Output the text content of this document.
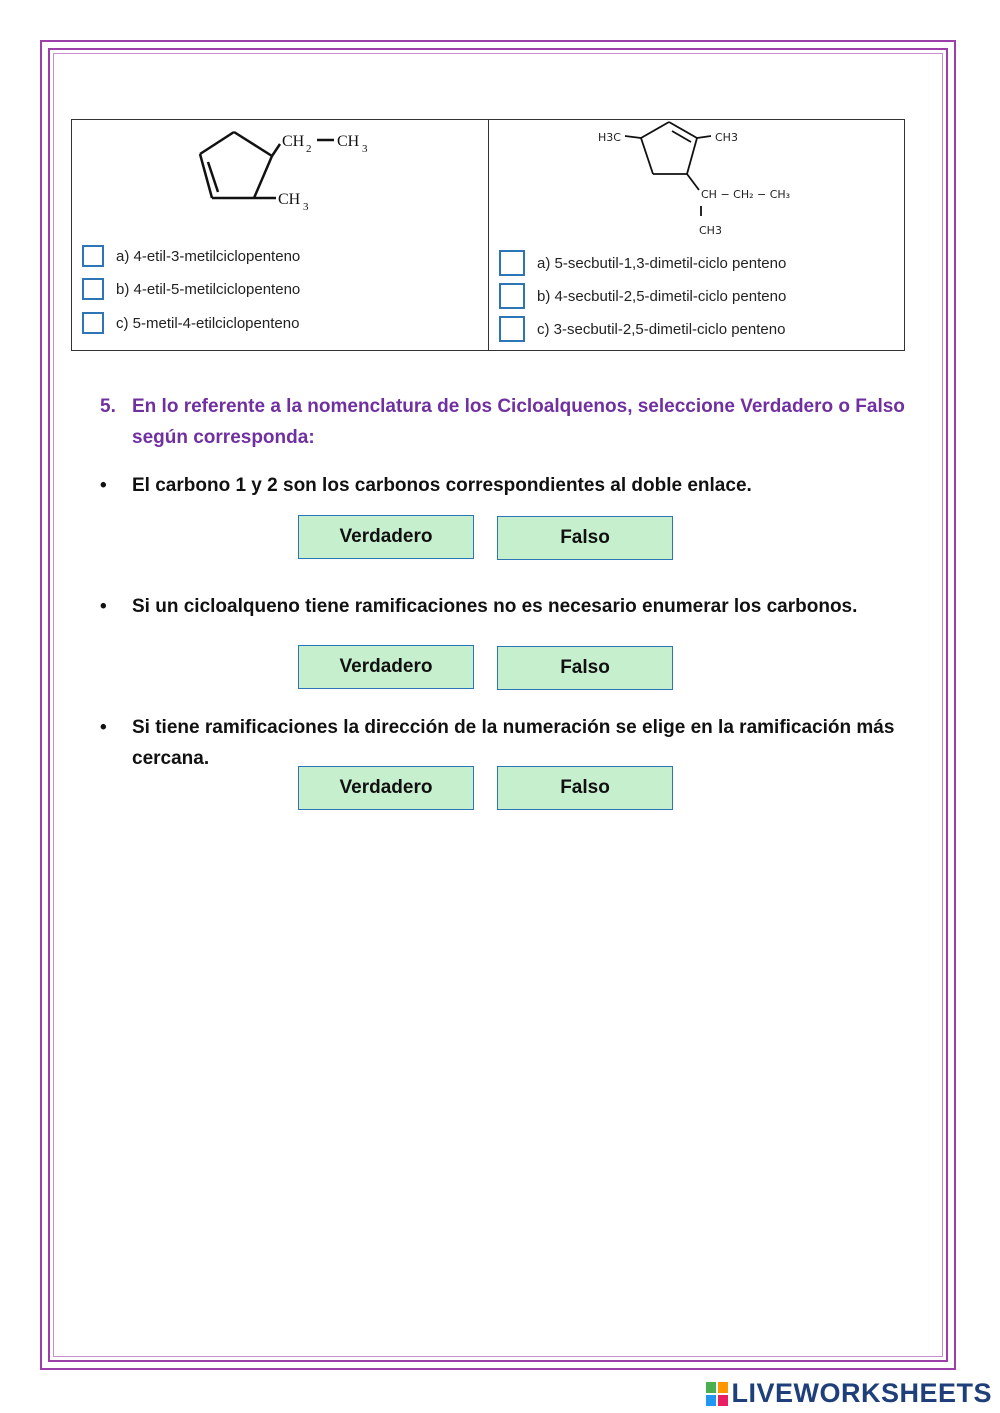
CH 2 CH 3
CH 3
a) 4-etil-3-metilciclopenteno
b) 4-etil-5-metilciclopenteno
c) 5-metil-4-etilciclopenteno
H3C	CH3
CH − CH₂ − CH₃
CH3
a) 5-secbutil-1,3-dimetil-ciclo penteno
b) 4-secbutil-2,5-dimetil-ciclo penteno
c) 3-secbutil-2,5-dimetil-ciclo penteno
5. En lo referente a la nomenclatura de los Cicloalquenos, seleccione Verdadero o Falso según corresponda:
• El carbono 1 y 2 son los carbonos correspondientes al doble enlace.
Verdadero	Falso
• Si un cicloalqueno tiene ramificaciones no es necesario enumerar los carbonos.
Verdadero	Falso
• Si tiene ramificaciones la dirección de la numeración se elige en la ramificación más cercana.
Verdadero	Falso
LIVEWORKSHEETS
